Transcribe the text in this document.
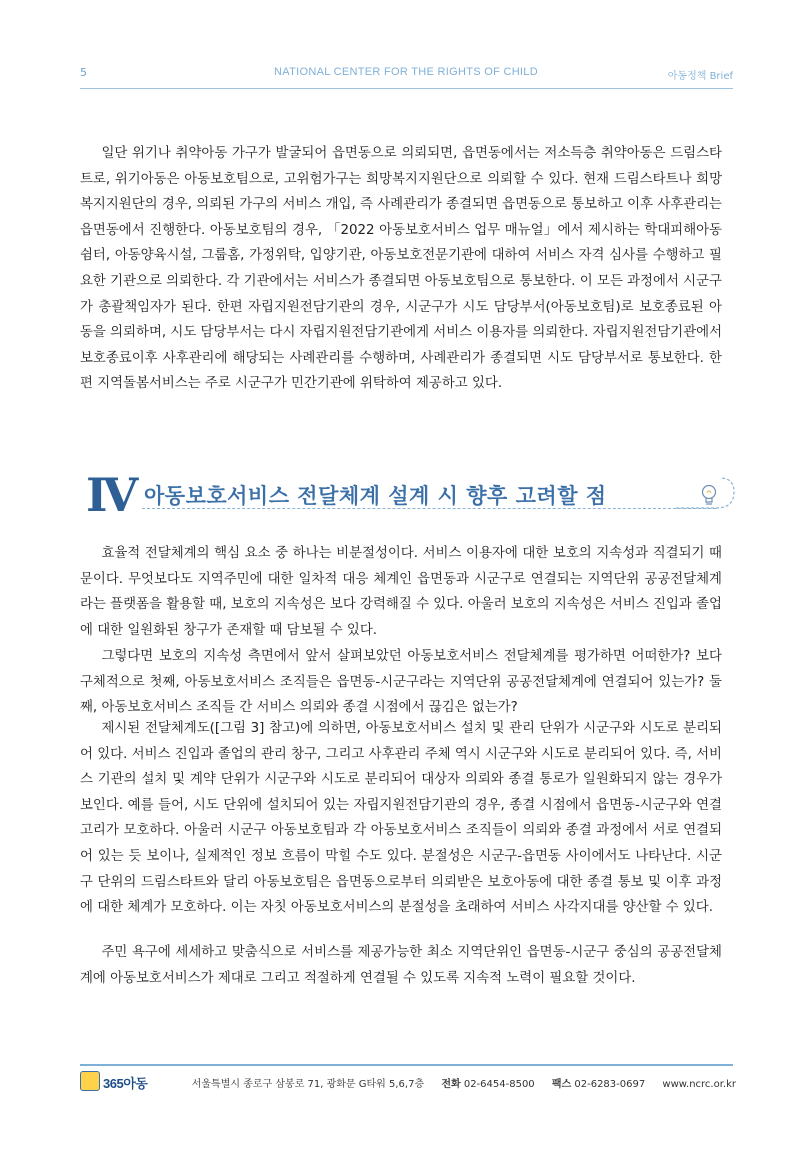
5	NATIONAL CENTER FOR THE RIGHTS OF CHILD	아동정책 Brief

일단 위기나 취약아동 가구가 발굴되어 읍면동으로 의뢰되면, 읍면동에서는 저소득층 취약아동은 드림스타트로, 위기아동은 아동보호팀으로, 고위험가구는 희망복지지원단으로 의뢰할 수 있다. 현재 드림스타트나 희망복지지원단의 경우, 의뢰된 가구의 서비스 개입, 즉 사례관리가 종결되면 읍면동으로 통보하고 이후 사후관리는 읍면동에서 진행한다. 아동보호팀의 경우, 「2022 아동보호서비스 업무 매뉴얼」에서 제시하는 학대피해아동쉼터, 아동양육시설, 그룹홈, 가정위탁, 입양기관, 아동보호전문기관에 대하여 서비스 자격 심사를 수행하고 필요한 기관으로 의뢰한다. 각 기관에서는 서비스가 종결되면 아동보호팀으로 통보한다. 이 모든 과정에서 시군구가 총괄책임자가 된다. 한편 자립지원전담기관의 경우, 시군구가 시도 담당부서(아동보호팀)로 보호종료된 아동을 의뢰하며, 시도 담당부서는 다시 자립지원전담기관에게 서비스 이용자를 의뢰한다. 자립지원전담기관에서 보호종료이후 사후관리에 해당되는 사례관리를 수행하며, 사례관리가 종결되면 시도 담당부서로 통보한다. 한편 지역돌봄서비스는 주로 시군구가 민간기관에 위탁하여 제공하고 있다.

Ⅳ 아동보호서비스 전달체계 설계 시 향후 고려할 점

효율적 전달체계의 핵심 요소 중 하나는 비분절성이다. 서비스 이용자에 대한 보호의 지속성과 직결되기 때문이다. 무엇보다도 지역주민에 대한 일차적 대응 체계인 읍면동과 시군구로 연결되는 지역단위 공공전달체계라는 플랫폼을 활용할 때, 보호의 지속성은 보다 강력해질 수 있다. 아울러 보호의 지속성은 서비스 진입과 졸업에 대한 일원화된 창구가 존재할 때 담보될 수 있다.

그렇다면 보호의 지속성 측면에서 앞서 살펴보았던 아동보호서비스 전달체계를 평가하면 어떠한가? 보다 구체적으로 첫째, 아동보호서비스 조직들은 읍면동-시군구라는 지역단위 공공전달체계에 연결되어 있는가? 둘째, 아동보호서비스 조직들 간 서비스 의뢰와 종결 시점에서 끊김은 없는가?

제시된 전달체계도([그림 3] 참고)에 의하면, 아동보호서비스 설치 및 관리 단위가 시군구와 시도로 분리되어 있다. 서비스 진입과 졸업의 관리 창구, 그리고 사후관리 주체 역시 시군구와 시도로 분리되어 있다. 즉, 서비스 기관의 설치 및 계약 단위가 시군구와 시도로 분리되어 대상자 의뢰와 종결 통로가 일원화되지 않는 경우가 보인다. 예를 들어, 시도 단위에 설치되어 있는 자립지원전담기관의 경우, 종결 시점에서 읍면동-시군구와 연결고리가 모호하다. 아울러 시군구 아동보호팀과 각 아동보호서비스 조직들이 의뢰와 종결 과정에서 서로 연결되어 있는 듯 보이나, 실제적인 정보 흐름이 막힐 수도 있다. 분절성은 시군구-읍면동 사이에서도 나타난다. 시군구 단위의 드림스타트와 달리 아동보호팀은 읍면동으로부터 의뢰받은 보호아동에 대한 종결 통보 및 이후 과정에 대한 체계가 모호하다. 이는 자칫 아동보호서비스의 분절성을 초래하여 서비스 사각지대를 양산할 수 있다.

주민 욕구에 세세하고 맞춤식으로 서비스를 제공가능한 최소 지역단위인 읍면동-시군구 중심의 공공전달체계에 아동보호서비스가 제대로 그리고 적절하게 연결될 수 있도록 지속적 노력이 필요할 것이다.

365아동	서울특별시 종로구 삼봉로 71, 광화문 G타워 5,6,7층 전화 02-6454-8500 팩스 02-6283-0697 www.ncrc.or.kr
